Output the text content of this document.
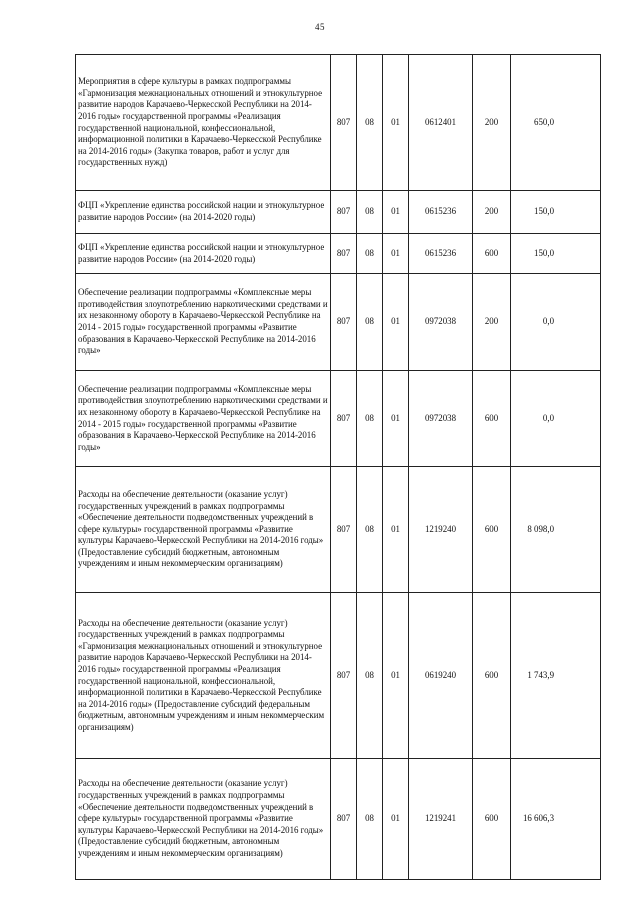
45
Мероприятия в сфере культуры в рамках подпрограммы «Гармонизация межнациональных отношений и этнокультурное развитие народов Карачаево-Черкесской Республики на 2014-2016 годы» государственной программы «Реализация государственной национальной, конфессиональной, информационной политики в Карачаево-Черкесской Республике на 2014-2016 годы» (Закупка товаров, работ и услуг для государственных нужд)	807	08	01	0612401	200	650,0
ФЦП «Укрепление единства российской нации и этнокультурное развитие народов России» (на 2014-2020 годы)	807	08	01	0615236	200	150,0
ФЦП «Укрепление единства российской нации и этнокультурное развитие народов России» (на 2014-2020 годы)	807	08	01	0615236	600	150,0
Обеспечение реализации подпрограммы «Комплексные меры противодействия злоупотреблению наркотическими средствами и их незаконному обороту в Карачаево-Черкесской Республике на 2014 - 2015 годы» государственной программы «Развитие образования в Карачаево-Черкесской Республике на 2014-2016 годы»	807	08	01	0972038	200	0,0
Обеспечение реализации подпрограммы «Комплексные меры противодействия злоупотреблению наркотическими средствами и их незаконному обороту в Карачаево-Черкесской Республике на 2014 - 2015 годы» государственной программы «Развитие образования в Карачаево-Черкесской Республике на 2014-2016 годы»	807	08	01	0972038	600	0,0
Расходы на обеспечение деятельности (оказание услуг) государственных учреждений в рамках подпрограммы «Обеспечение деятельности подведомственных учреждений в сфере культуры» государственной программы «Развитие культуры Карачаево-Черкесской Республики на 2014-2016 годы» (Предоставление субсидий бюджетным, автономным учреждениям и иным некоммерческим организациям)	807	08	01	1219240	600	8 098,0
Расходы на обеспечение деятельности (оказание услуг) государственных учреждений в рамках подпрограммы «Гармонизация межнациональных отношений и этнокультурное развитие народов Карачаево-Черкесской Республики на 2014-2016 годы» государственной программы «Реализация государственной национальной, конфессиональной, информационной политики в Карачаево-Черкесской Республике на 2014-2016 годы» (Предоставление субсидий федеральным бюджетным, автономным учреждениям и иным некоммерческим организациям)	807	08	01	0619240	600	1 743,9
Расходы на обеспечение деятельности (оказание услуг) государственных учреждений в рамках подпрограммы «Обеспечение деятельности подведомственных учреждений в сфере культуры» государственной программы «Развитие культуры Карачаево-Черкесской Республики на 2014-2016 годы» (Предоставление субсидий бюджетным, автономным учреждениям и иным некоммерческим организациям)	807	08	01	1219241	600	16 606,3
